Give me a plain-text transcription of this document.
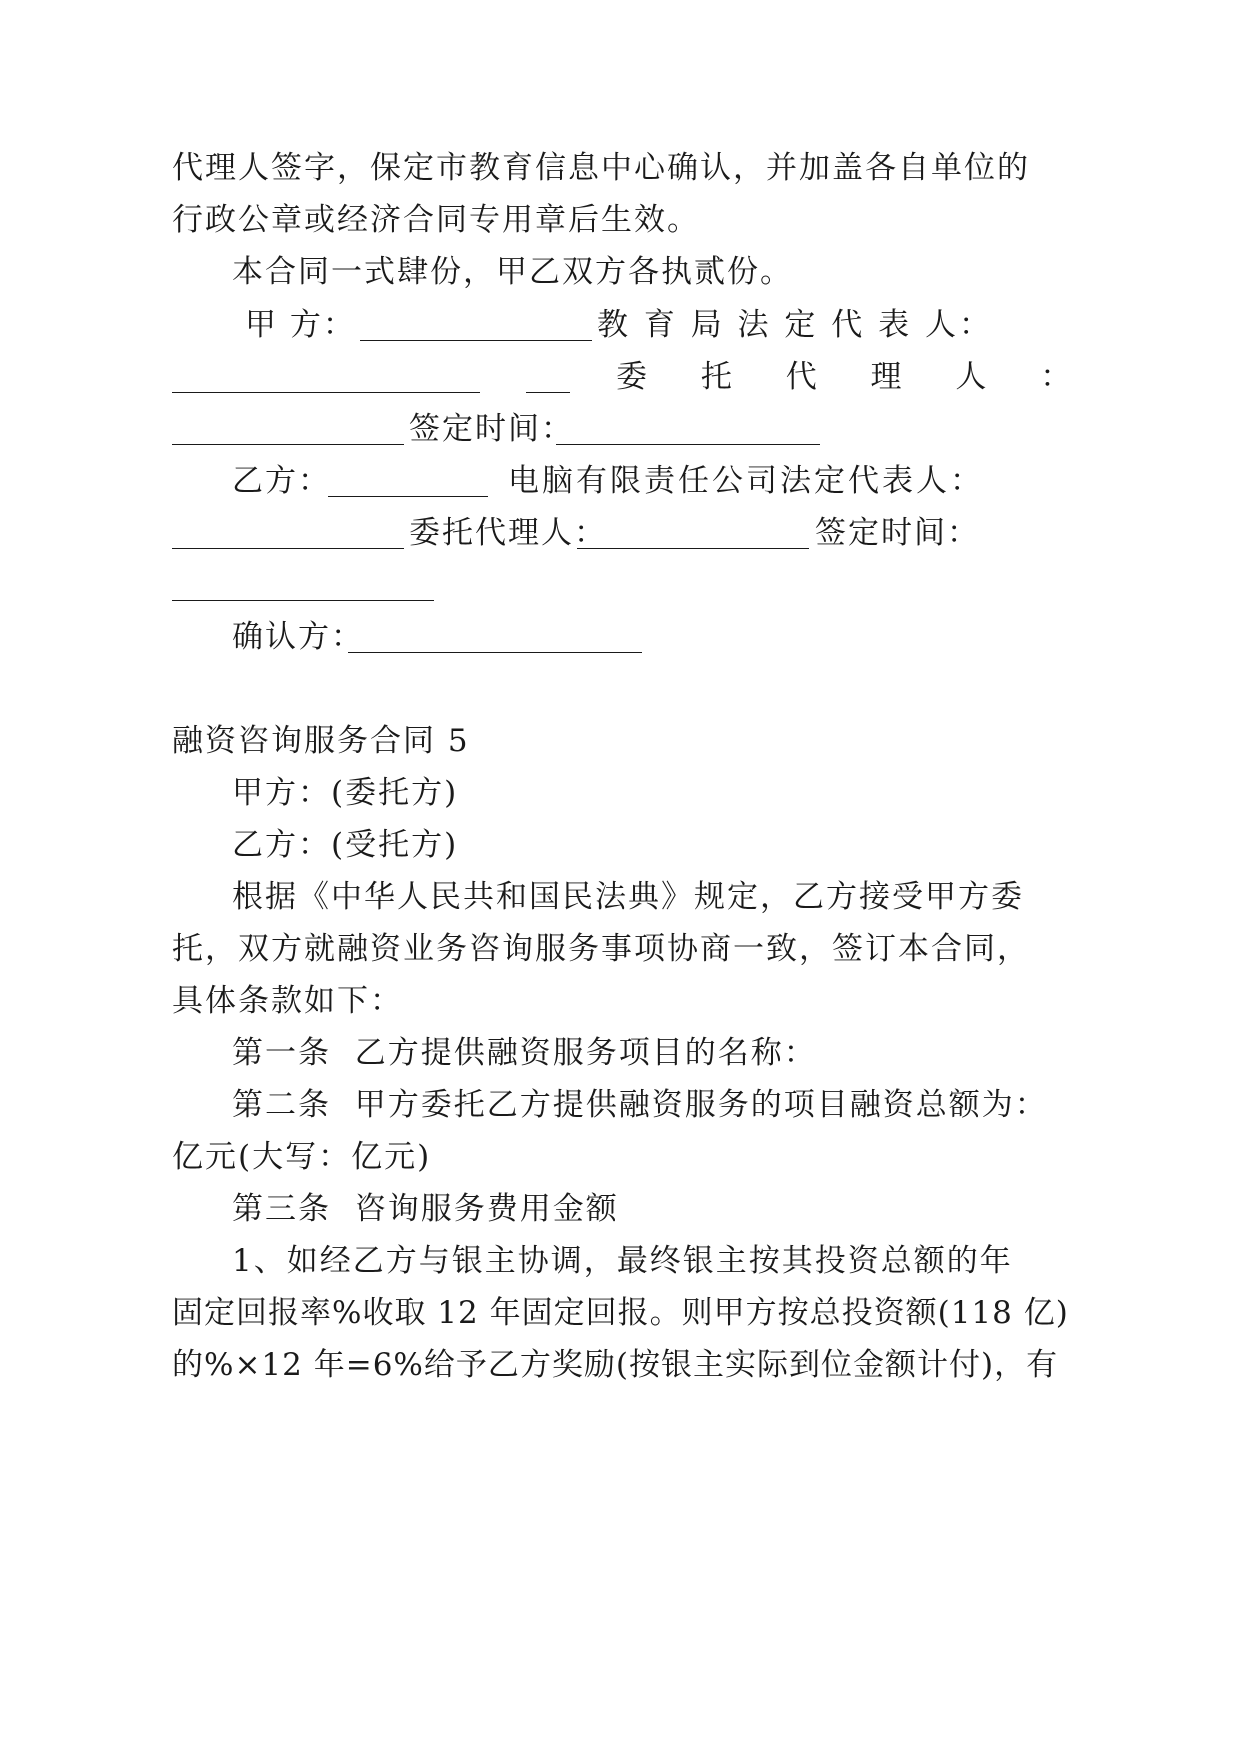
代理人签字，保定市教育信息中心确认，并加盖各自单位的
行政公章或经济合同专用章后生效。
本合同一式肆份，甲乙双方各执贰份。
甲 方：	教 育 局 法 定 代 表 人：
委 托 代 理 人 ：
签定时间：
乙方：	电脑有限责任公司法定代表人：
委托代理人：	签定时间：
确认方：
融资咨询服务合同 5
甲方：(委托方)
乙方：(受托方)
根据《中华人民共和国民法典》规定，乙方接受甲方委
托，双方就融资业务咨询服务事项协商一致，签订本合同，
具体条款如下：
第一条  乙方提供融资服务项目的名称：
第二条  甲方委托乙方提供融资服务的项目融资总额为：
亿元(大写：亿元)
第三条  咨询服务费用金额
1、如经乙方与银主协调，最终银主按其投资总额的年
固定回报率%收取 12 年固定回报。则甲方按总投资额(118 亿)
的%×12 年=6%给予乙方奖励(按银主实际到位金额计付)，有
